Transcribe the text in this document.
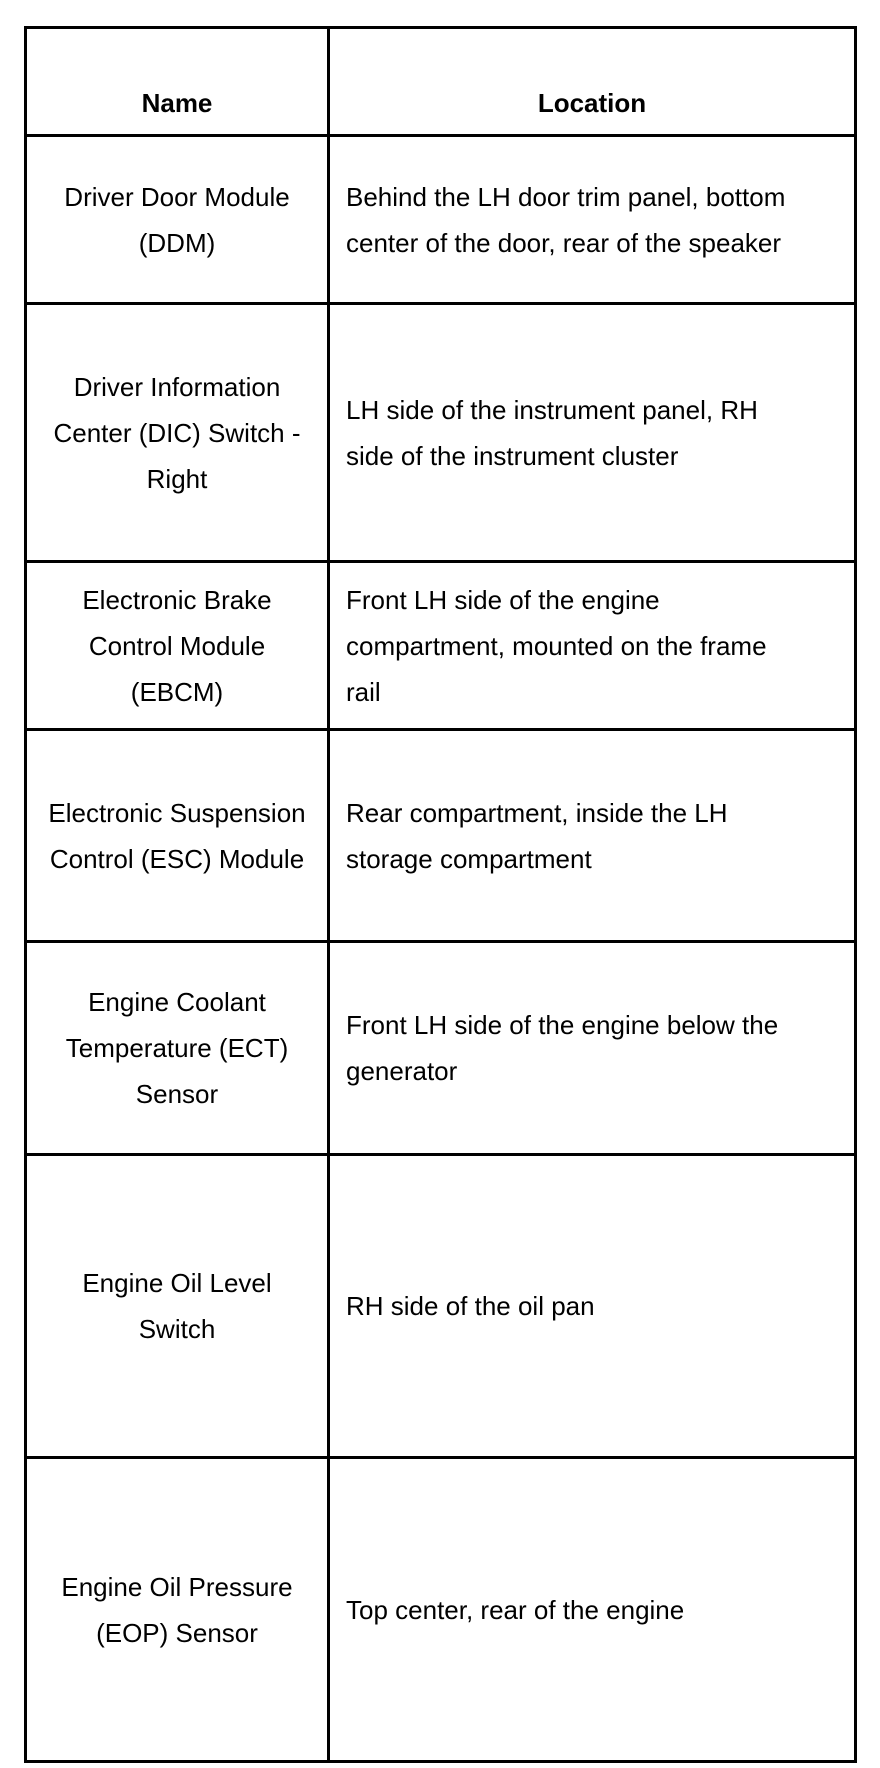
Name	Location
Driver Door Module (DDM)	Behind the LH door trim panel, bottom center of the door, rear of the speaker
Driver Information Center (DIC) Switch - Right	LH side of the instrument panel, RH side of the instrument cluster
Electronic Brake Control Module (EBCM)	Front LH side of the engine compartment, mounted on the frame rail
Electronic Suspension Control (ESC) Module	Rear compartment, inside the LH storage compartment
Engine Coolant Temperature (ECT) Sensor	Front LH side of the engine below the generator
Engine Oil Level Switch	RH side of the oil pan
Engine Oil Pressure (EOP) Sensor	Top center, rear of the engine
